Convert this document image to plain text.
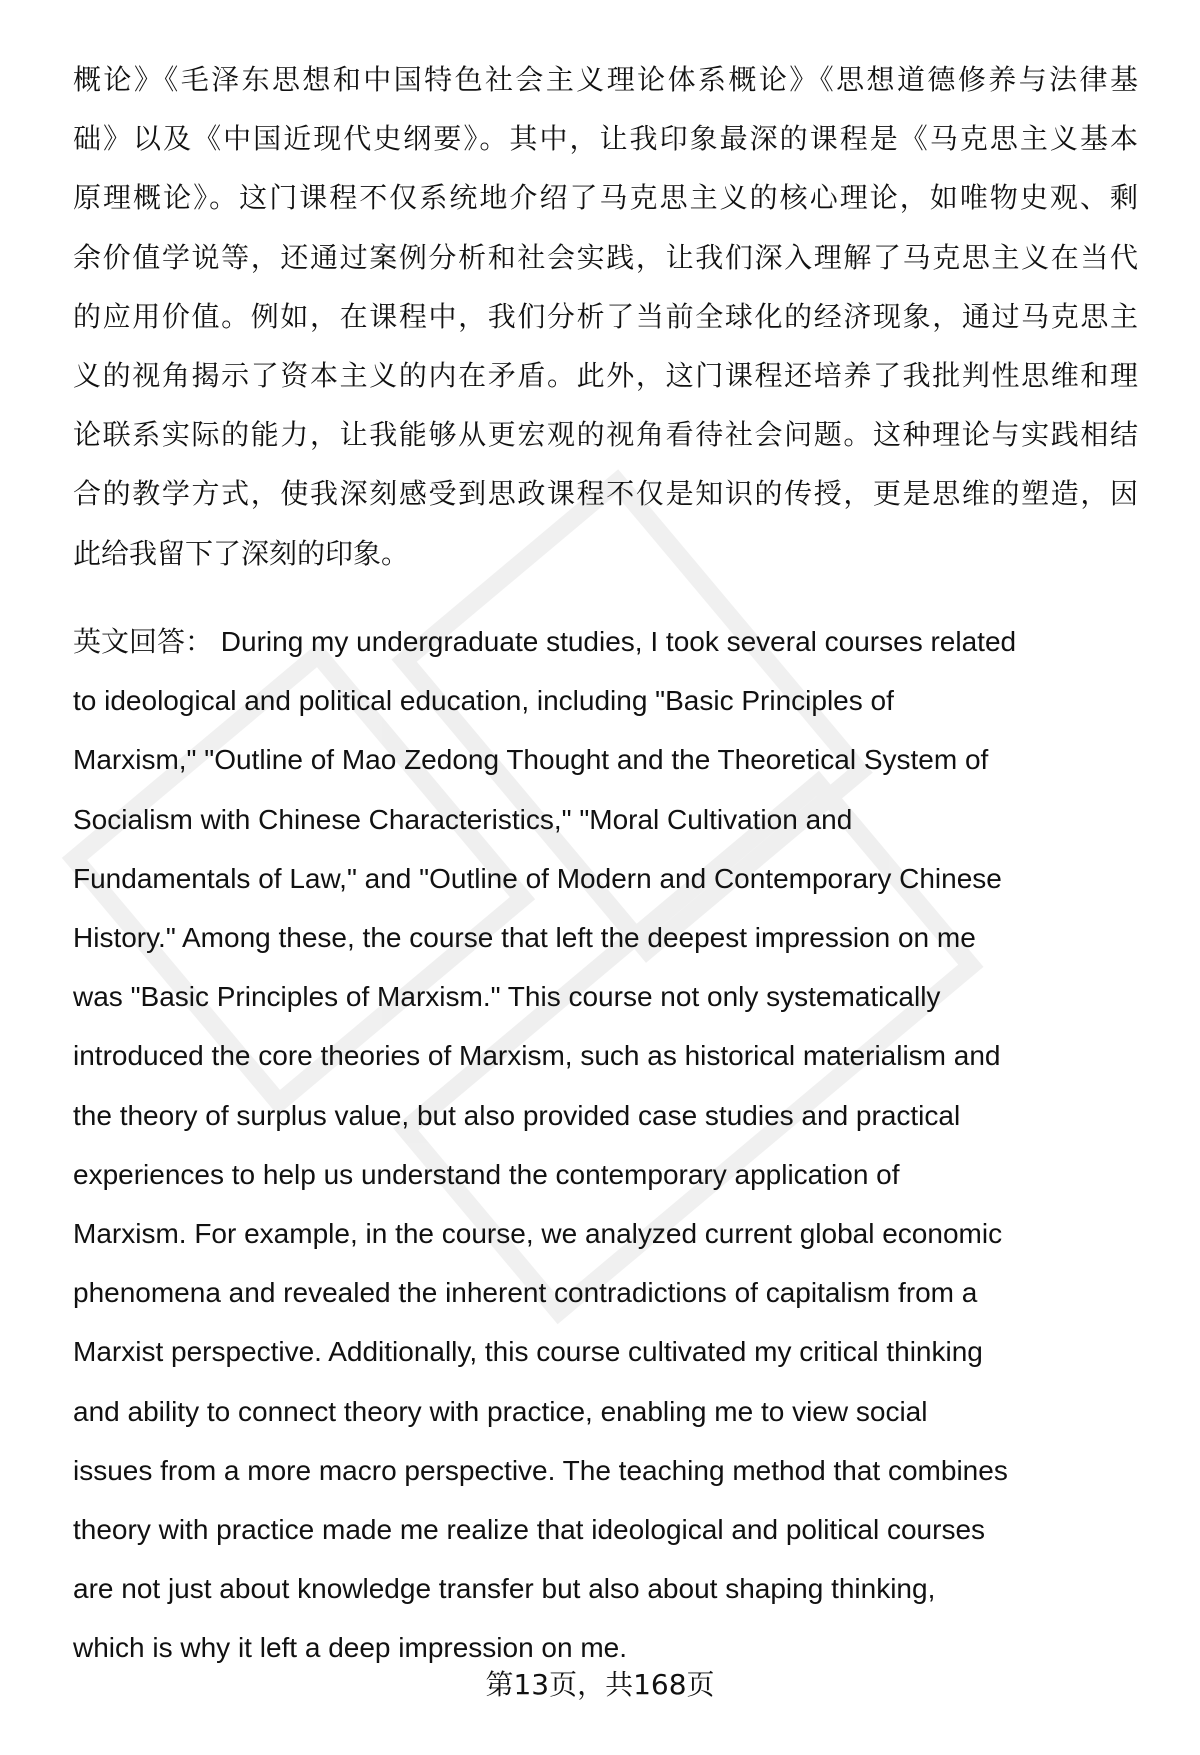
概论》《毛泽东思想和中国特色社会主义理论体系概论》《思想道德修养与法律基
础》以及《中国近现代史纲要》。其中，让我印象最深的课程是《马克思主义基本
原理概论》。这门课程不仅系统地介绍了马克思主义的核心理论，如唯物史观、剩
余价值学说等，还通过案例分析和社会实践，让我们深入理解了马克思主义在当代
的应用价值。例如，在课程中，我们分析了当前全球化的经济现象，通过马克思主
义的视角揭示了资本主义的内在矛盾。此外，这门课程还培养了我批判性思维和理
论联系实际的能力，让我能够从更宏观的视角看待社会问题。这种理论与实践相结
合的教学方式，使我深刻感受到思政课程不仅是知识的传授，更是思维的塑造，因
此给我留下了深刻的印象。
英文回答： During my undergraduate studies, I took several courses related
to ideological and political education, including "Basic Principles of
Marxism," "Outline of Mao Zedong Thought and the Theoretical System of
Socialism with Chinese Characteristics," "Moral Cultivation and
Fundamentals of Law," and "Outline of Modern and Contemporary Chinese
History." Among these, the course that left the deepest impression on me
was "Basic Principles of Marxism." This course not only systematically
introduced the core theories of Marxism, such as historical materialism and
the theory of surplus value, but also provided case studies and practical
experiences to help us understand the contemporary application of
Marxism. For example, in the course, we analyzed current global economic
phenomena and revealed the inherent contradictions of capitalism from a
Marxist perspective. Additionally, this course cultivated my critical thinking
and ability to connect theory with practice, enabling me to view social
issues from a more macro perspective. The teaching method that combines
theory with practice made me realize that ideological and political courses
are not just about knowledge transfer but also about shaping thinking,
which is why it left a deep impression on me.
第13页，共168页
